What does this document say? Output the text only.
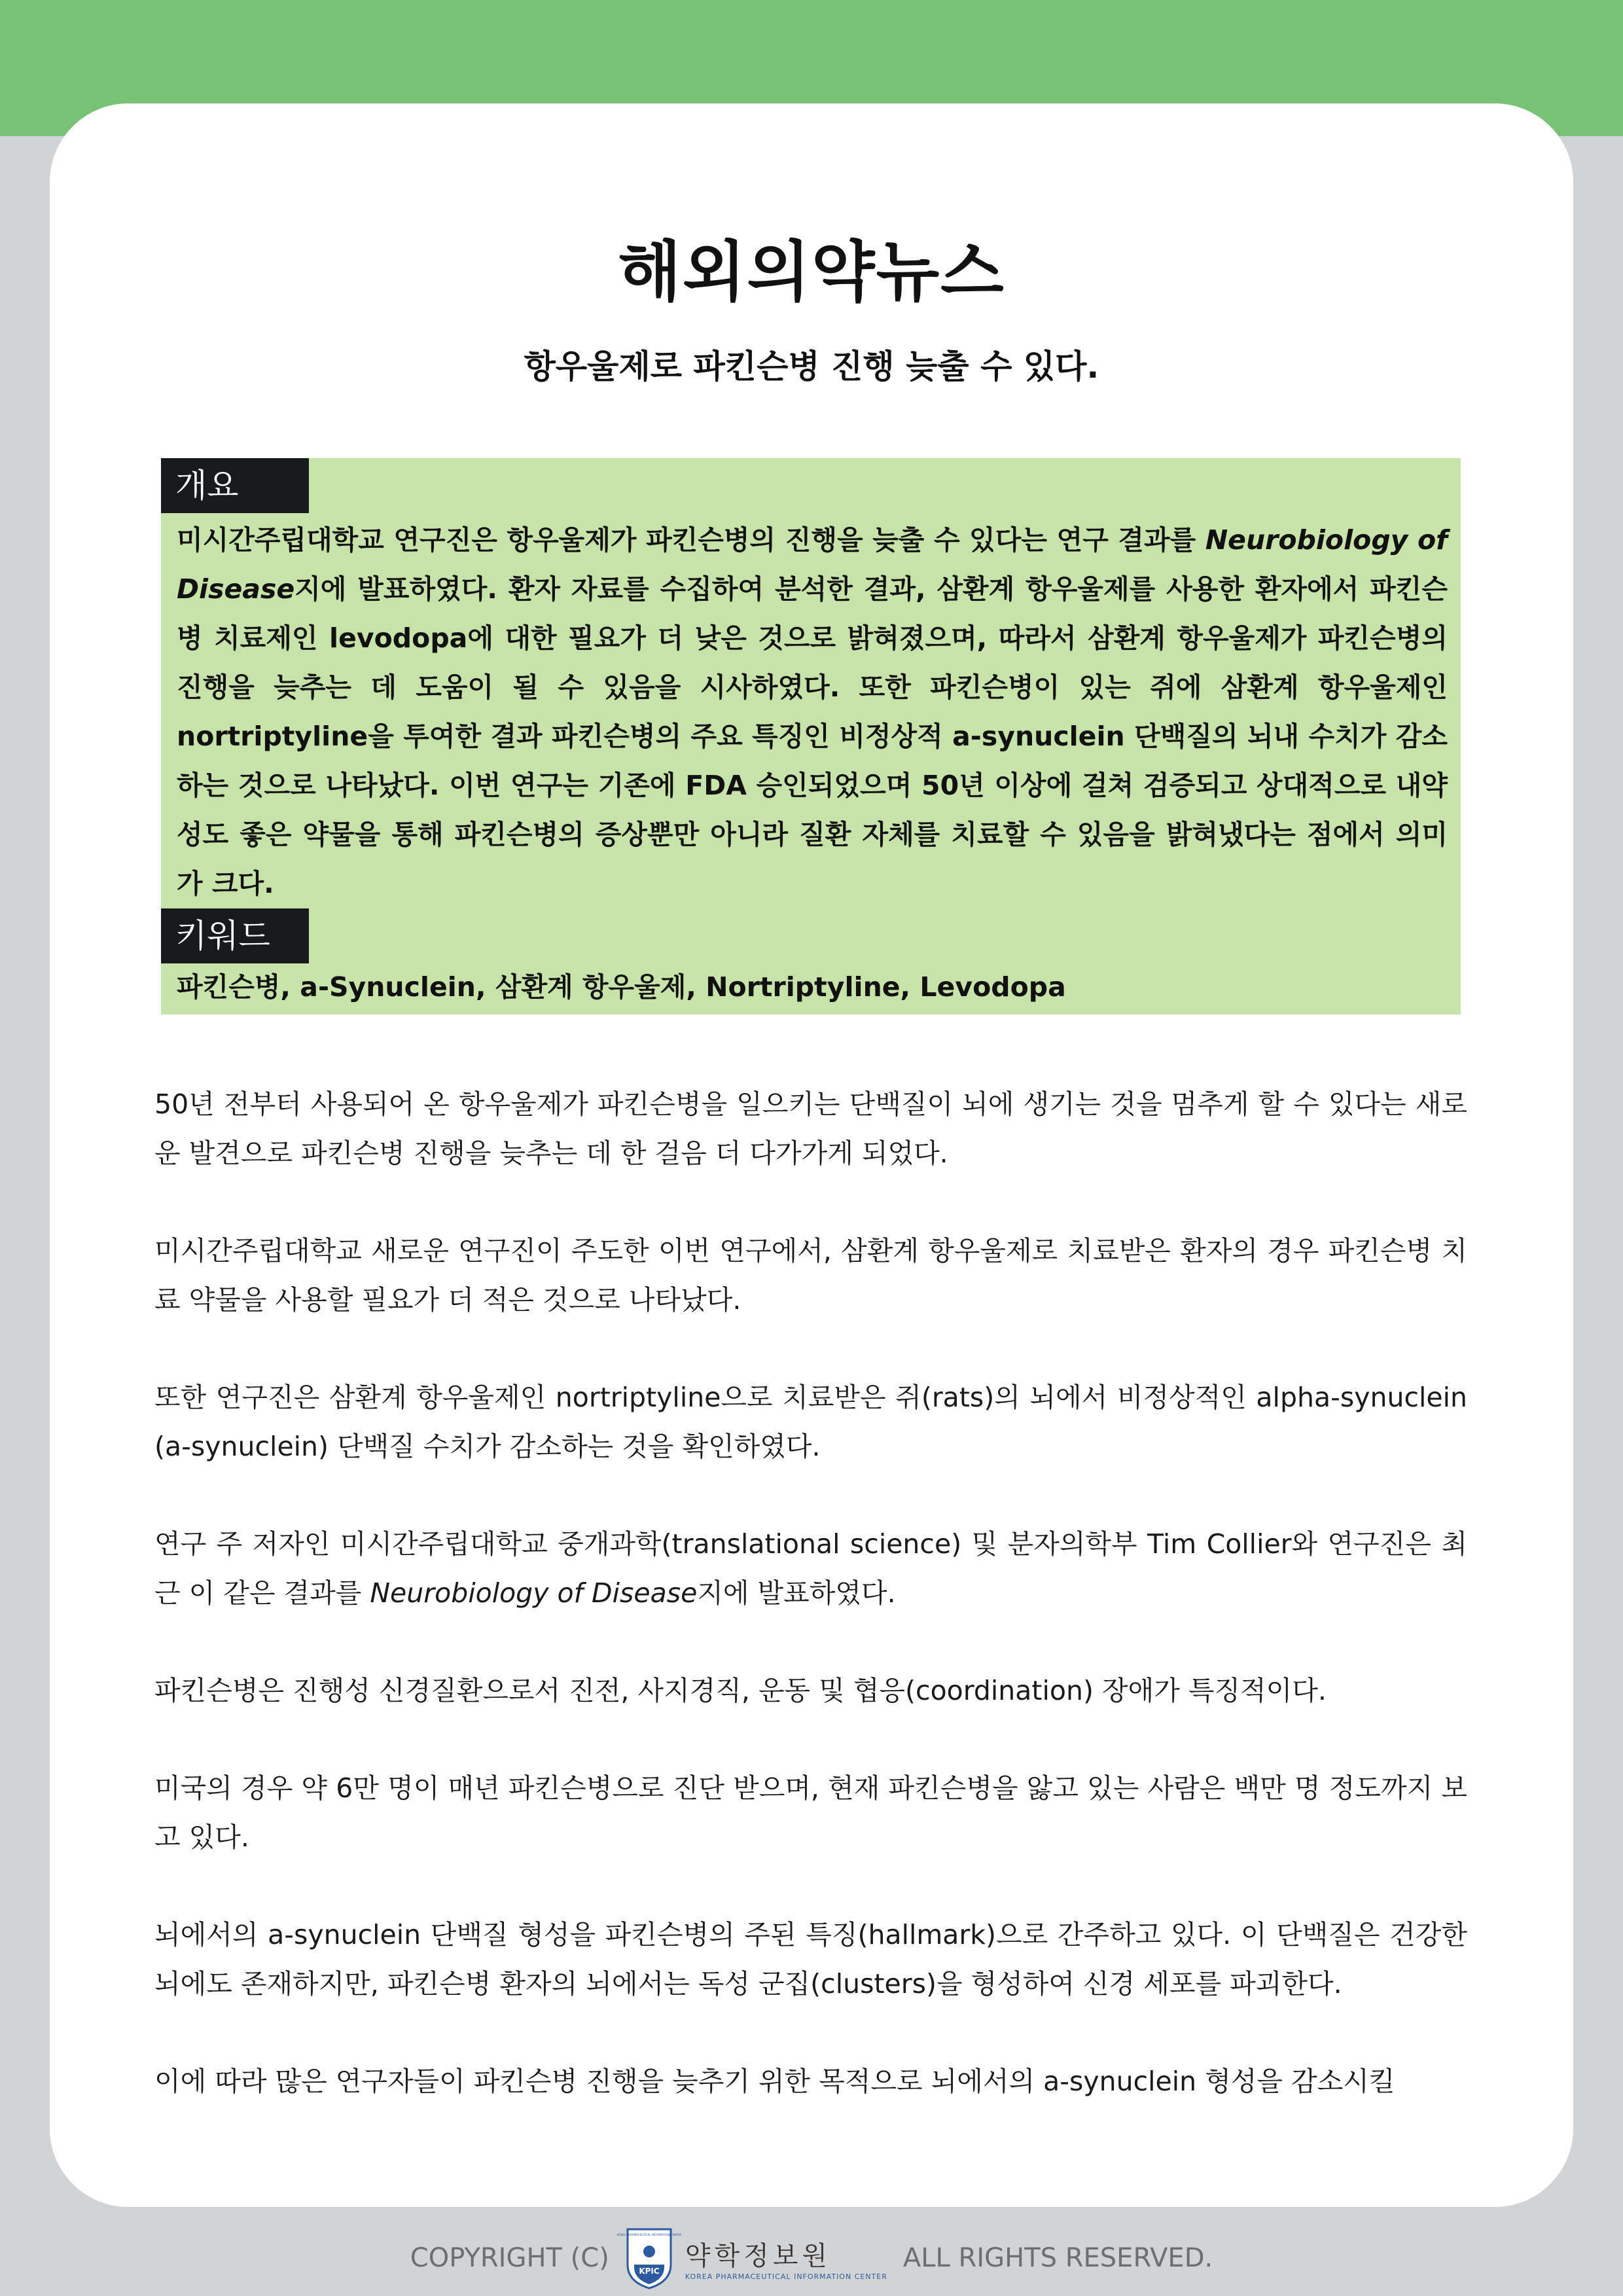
해외의약뉴스
항우울제로 파킨슨병 진행 늦출 수 있다.
개요
미시간주립대학교 연구진은 항우울제가 파킨슨병의 진행을 늦출 수 있다는 연구 결과를 Neurobiology of Disease지에 발표하였다. 환자 자료를 수집하여 분석한 결과, 삼환계 항우울제를 사용한 환자에서 파킨슨병 치료제인 levodopa에 대한 필요가 더 낮은 것으로 밝혀졌으며, 따라서 삼환계 항우울제가 파킨슨병의 진행을 늦추는 데 도움이 될 수 있음을 시사하였다. 또한 파킨슨병이 있는 쥐에 삼환계 항우울제인 nortriptyline을 투여한 결과 파킨슨병의 주요 특징인 비정상적 a-synuclein 단백질의 뇌내 수치가 감소하는 것으로 나타났다. 이번 연구는 기존에 FDA 승인되었으며 50년 이상에 걸쳐 검증되고 상대적으로 내약성도 좋은 약물을 통해 파킨슨병의 증상뿐만 아니라 질환 자체를 치료할 수 있음을 밝혀냈다는 점에서 의미가 크다.
키워드
파킨슨병, a-Synuclein, 삼환계 항우울제, Nortriptyline, Levodopa

50년 전부터 사용되어 온 항우울제가 파킨슨병을 일으키는 단백질이 뇌에 생기는 것을 멈추게 할 수 있다는 새로운 발견으로 파킨슨병 진행을 늦추는 데 한 걸음 더 다가가게 되었다.

미시간주립대학교 새로운 연구진이 주도한 이번 연구에서, 삼환계 항우울제로 치료받은 환자의 경우 파킨슨병 치료 약물을 사용할 필요가 더 적은 것으로 나타났다.

또한 연구진은 삼환계 항우울제인 nortriptyline으로 치료받은 쥐(rats)의 뇌에서 비정상적인 alpha-synuclein (a-synuclein) 단백질 수치가 감소하는 것을 확인하였다.

연구 주 저자인 미시간주립대학교 중개과학(translational science) 및 분자의학부 Tim Collier와 연구진은 최근 이 같은 결과를 Neurobiology of Disease지에 발표하였다.

파킨슨병은 진행성 신경질환으로서 진전, 사지경직, 운동 및 협응(coordination) 장애가 특징적이다.

미국의 경우 약 6만 명이 매년 파킨슨병으로 진단 받으며, 현재 파킨슨병을 앓고 있는 사람은 백만 명 정도까지 보고 있다.

뇌에서의 a-synuclein 단백질 형성을 파킨슨병의 주된 특징(hallmark)으로 간주하고 있다. 이 단백질은 건강한 뇌에도 존재하지만, 파킨슨병 환자의 뇌에서는 독성 군집(clusters)을 형성하여 신경 세포를 파괴한다.

이에 따라 많은 연구자들이 파킨슨병 진행을 늦추기 위한 목적으로 뇌에서의 a-synuclein 형성을 감소시킬

COPYRIGHT (C)
KOREA PHARMACEUTICAL INFORMATION CENTER
KPIC 약학정보원
KOREA PHARMACEUTICAL INFORMATION CENTER
ALL RIGHTS RESERVED.
